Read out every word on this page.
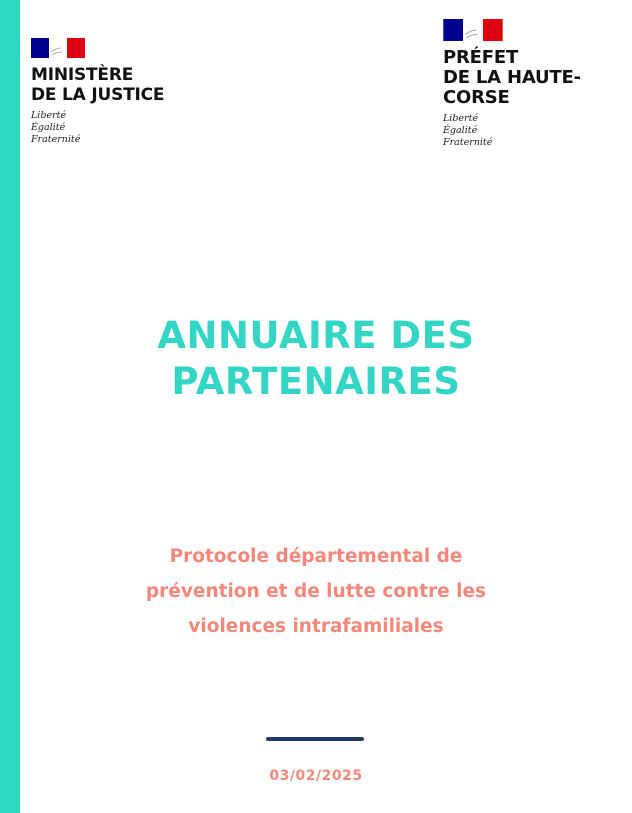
MINISTÈRE
DE LA JUSTICE
Liberté
Égalité
Fraternité
PRÉFET
DE LA HAUTE-
CORSE
Liberté
Égalité
Fraternité
ANNUAIRE DES
PARTENAIRES
Protocole départemental de
prévention et de lutte contre les
violences intrafamiliales
03/02/2025
